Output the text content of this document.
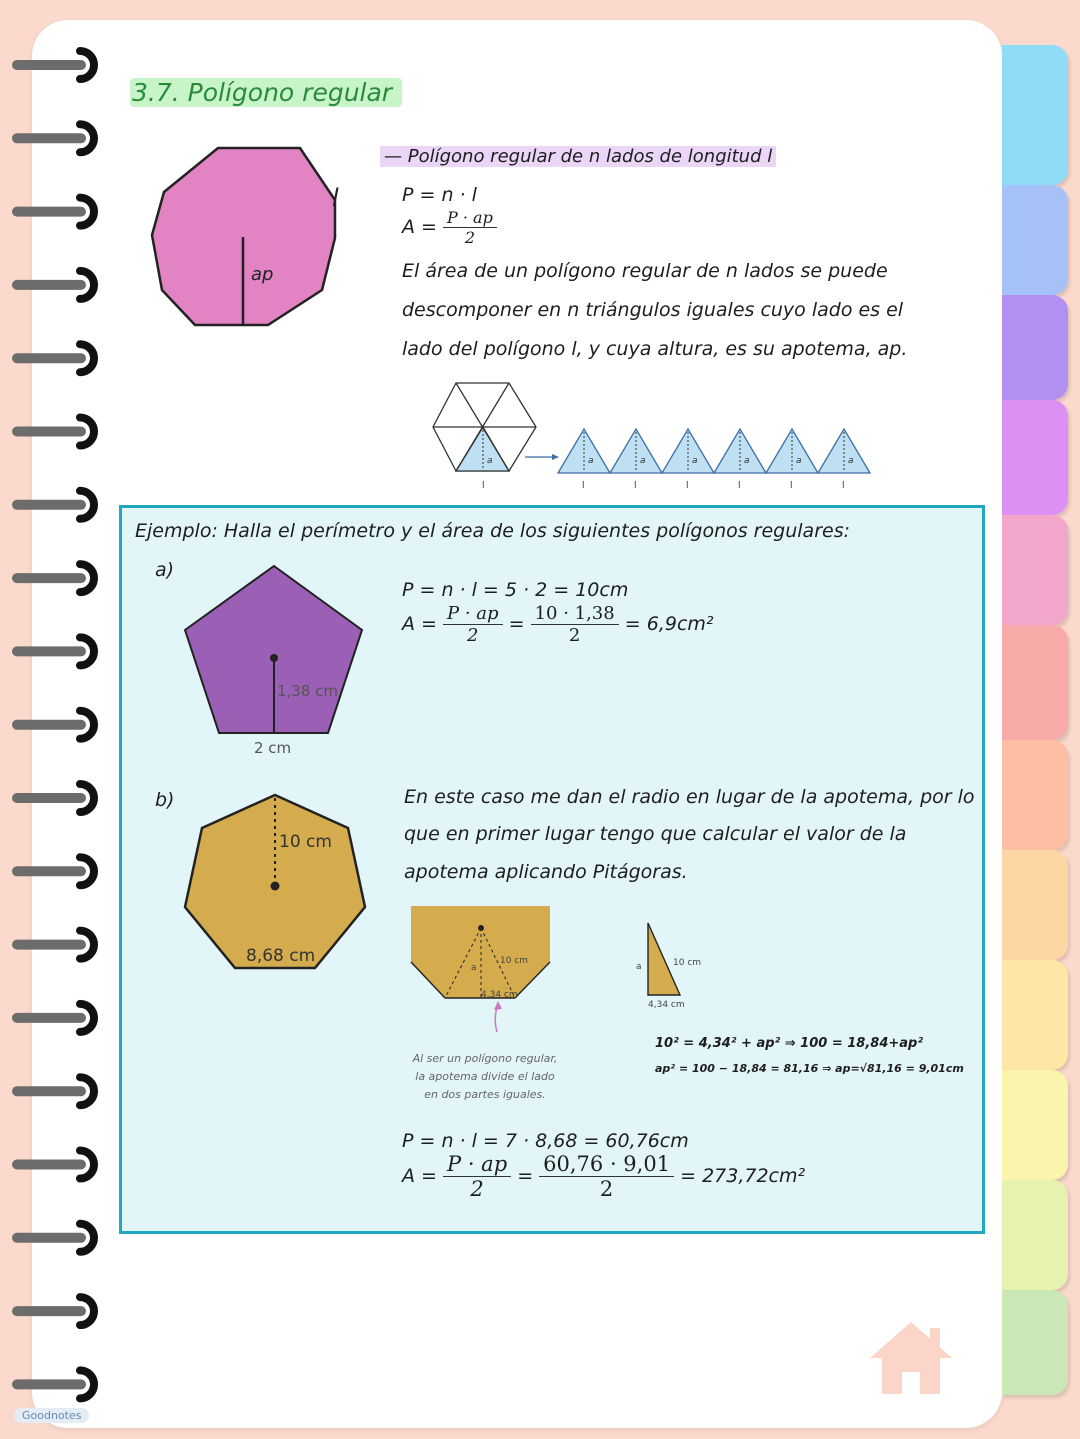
3.7. Polígono regular
ap
l
— Polígono regular de n lados de longitud l
P = n · l
$A = \frac{P \cdot ap}{2}$
El área de un polígono regular de n lados se puede
descomponer en n triángulos iguales cuyo lado es el
lado del polígono l, y cuya altura, es su apotema, ap.
a
l
a
l
a
l
a
l
a
l
a
l
a
l
Ejemplo: Halla el perímetro y el área de los siguientes polígonos regulares:
a)
1,38 cm
2 cm
P = n · l = 5 · 2 = 10cm
$A = \frac{P \cdot ap}{2} = \frac{10 \cdot 1,38}{2} = 6,9cm^2$
b)
10 cm
8,68 cm
En este caso me dan el radio en lugar de la apotema, por lo
que en primer lugar tengo que calcular el valor de la
apotema aplicando Pitágoras.
10 cm
a
4,34 cm
Al ser un polígono regular,
la apotema divide el lado
en dos partes iguales.
a	10 cm
4,34 cm
10² = 4,34² + ap² ⇒ 100 = 18,84+ap²
ap² = 100 − 18,84 = 81,16 ⇒ ap=√81,16 = 9,01cm
P = n · l = 7 · 8,68 = 60,76cm
$A = \frac{P \cdot ap}{2} = \frac{60,76 \cdot 9,01}{2} = 273,72cm^2$
Goodnotes
